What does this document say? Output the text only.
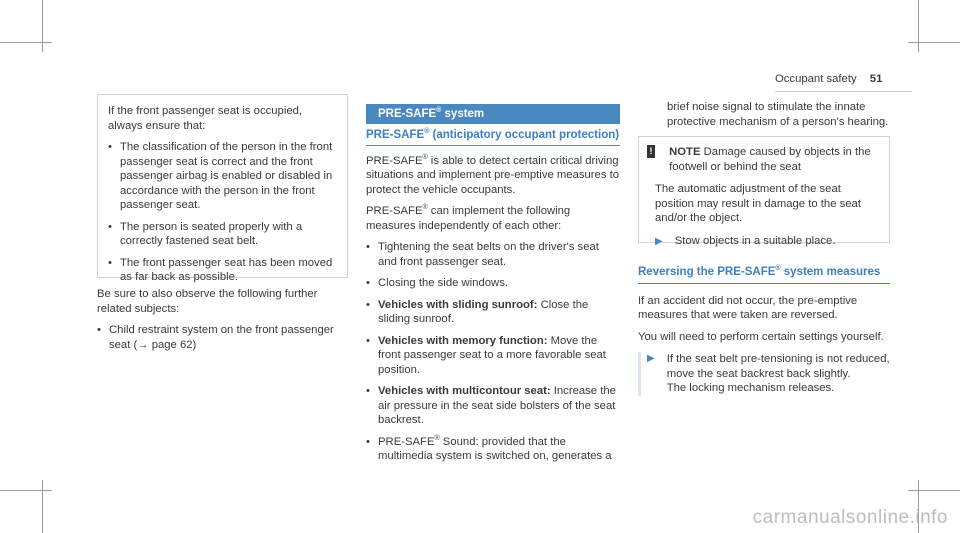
Occupant safety 51

If the front passenger seat is occupied, always ensure that:

• The classification of the person in the front passenger seat is correct and the front passenger airbag is enabled or disabled in accordance with the person in the front passenger seat.
• The person is seated properly with a correctly fastened seat belt.
• The front passenger seat has been moved as far back as possible.

Be sure to also observe the following further related subjects:

• Child restraint system on the front passenger seat (→ page 62)
PRE-SAFE® system
PRE-SAFE® (anticipatory occupant protection)

PRE-SAFE® is able to detect certain critical driving situations and implement pre-emptive measures to protect the vehicle occupants.

PRE-SAFE® can implement the following measures independently of each other:

• Tightening the seat belts on the driver's seat and front passenger seat.
• Closing the side windows.
• Vehicles with sliding sunroof: Close the sliding sunroof.
• Vehicles with memory function: Move the front passenger seat to a more favorable seat position.
• Vehicles with multicontour seat: Increase the air pressure in the seat side bolsters of the seat backrest.
• PRE-SAFE® Sound: provided that the multimedia system is switched on, generates a

brief noise signal to stimulate the innate protective mechanism of a person's hearing.

! NOTE Damage caused by objects in the footwell or behind the seat

The automatic adjustment of the seat position may result in damage to the seat and/or the object.

▶ Stow objects in a suitable place.

Reversing the PRE-SAFE® system measures

If an accident did not occur, the pre-emptive measures that were taken are reversed.

You will need to perform certain settings yourself.

▶ If the seat belt pre-tensioning is not reduced, move the seat backrest back slightly.
The locking mechanism releases.
carmanualsonline.info
